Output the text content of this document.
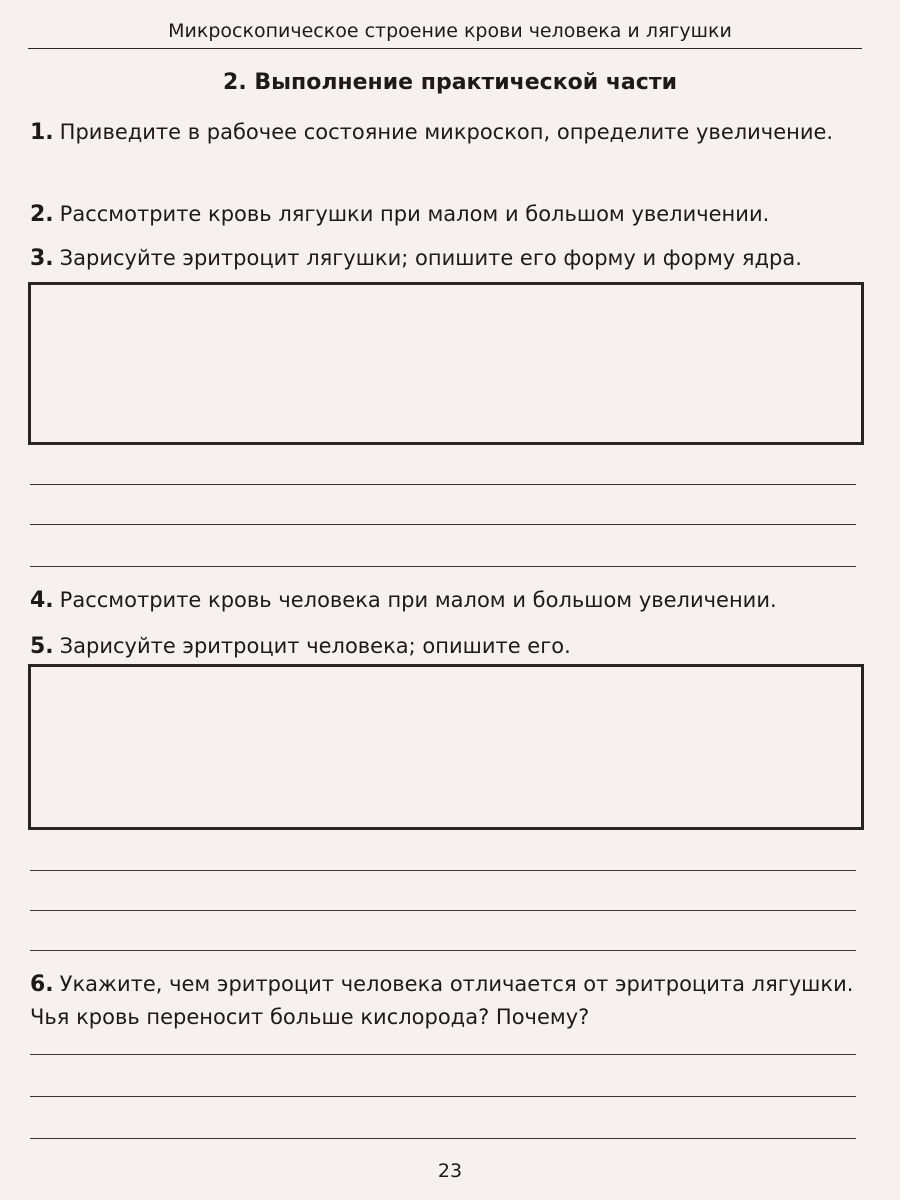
Микроскопическое строение крови человека и лягушки
2. Выполнение практической части
1. Приведите в рабочее состояние микроскоп, определите увеличение.
2. Рассмотрите кровь лягушки при малом и большом увеличении.
3. Зарисуйте эритроцит лягушки; опишите его форму и форму ядра.
4. Рассмотрите кровь человека при малом и большом увеличении.
5. Зарисуйте эритроцит человека; опишите его.
6. Укажите, чем эритроцит человека отличается от эритроцита лягушки. Чья кровь переносит больше кислорода? Почему?
23
